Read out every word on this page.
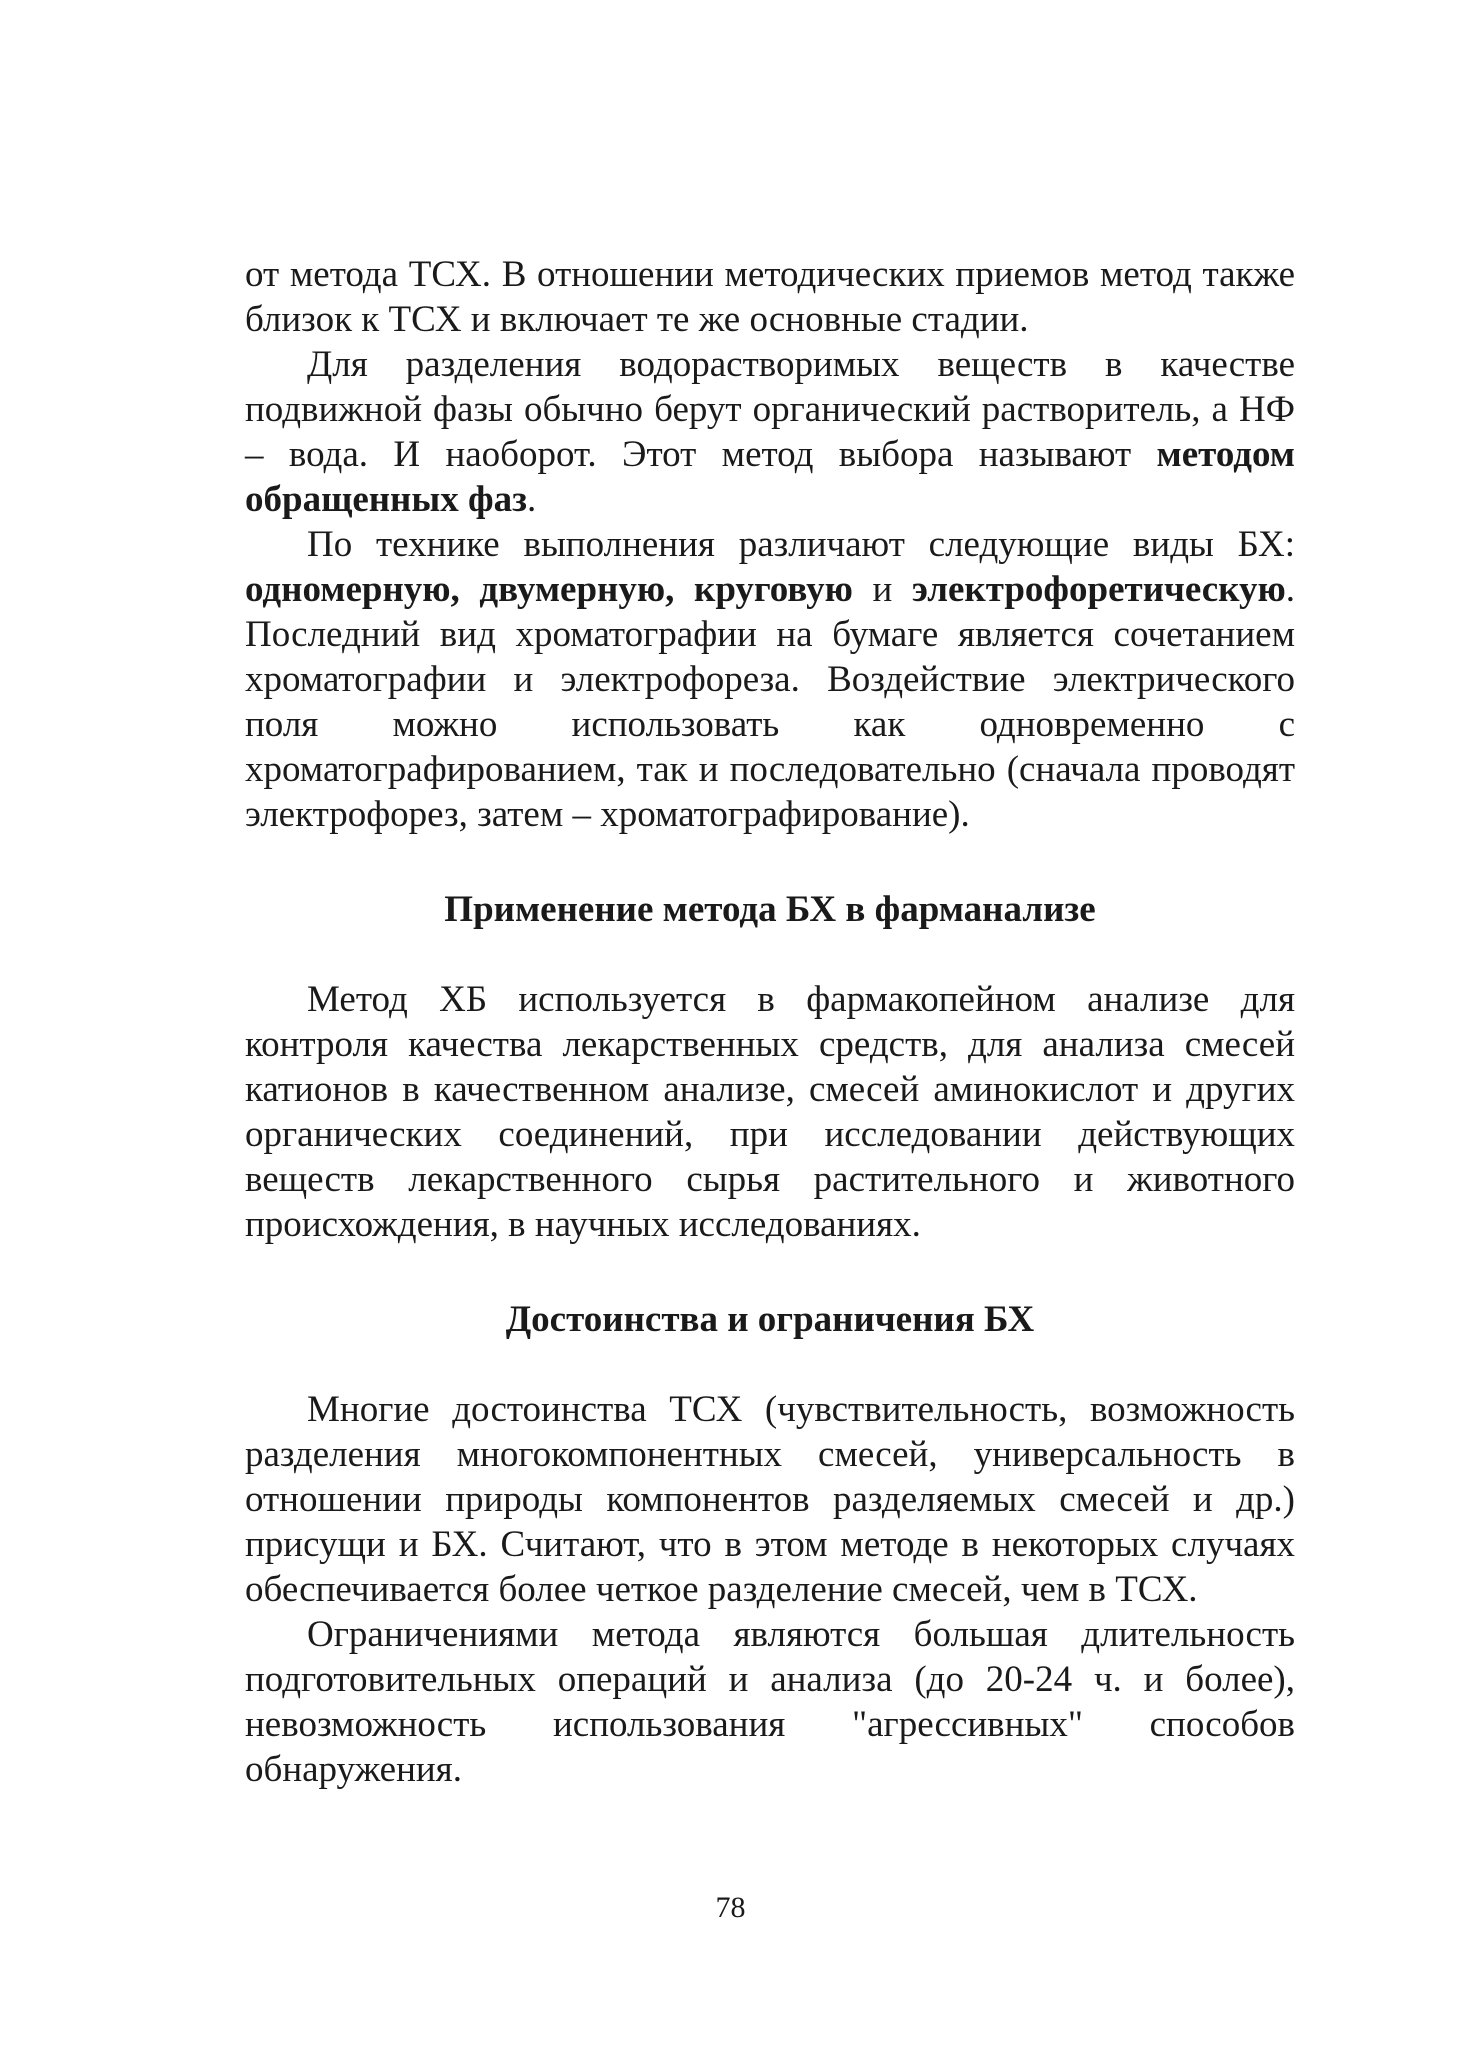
от метода ТСХ. В отношении методических приемов метод также близок к ТСХ и включает те же основные стадии.

Для разделения водорастворимых веществ в качестве подвижной фазы обычно берут органический растворитель, а НФ – вода. И наоборот. Этот метод выбора называют методом обращенных фаз.

По технике выполнения различают следующие виды БХ: одномерную, двумерную, круговую и электрофоретическую. Последний вид хроматографии на бумаге является сочетанием хроматографии и электрофореза. Воздействие электрического поля можно использовать как одновременно с хроматографированием, так и последовательно (сначала проводят электрофорез, затем – хроматографирование).

Применение метода БХ в фарманализе

Метод ХБ используется в фармакопейном анализе для контроля качества лекарственных средств, для анализа смесей катионов в качественном анализе, смесей аминокислот и других органических соединений, при исследовании действующих веществ лекарственного сырья растительного и животного происхождения, в научных исследованиях.

Достоинства и ограничения БХ

Многие достоинства ТСХ (чувствительность, возможность разделения многокомпонентных смесей, универсальность в отношении природы компонентов разделяемых смесей и др.) присущи и БХ. Считают, что в этом методе в некоторых случаях обеспечивается более четкое разделение смесей, чем в ТСХ.

Ограничениями метода являются большая длительность подготовительных операций и анализа (до 20-24 ч. и более), невозможность использования "агрессивных" способов обнаружения.

78
